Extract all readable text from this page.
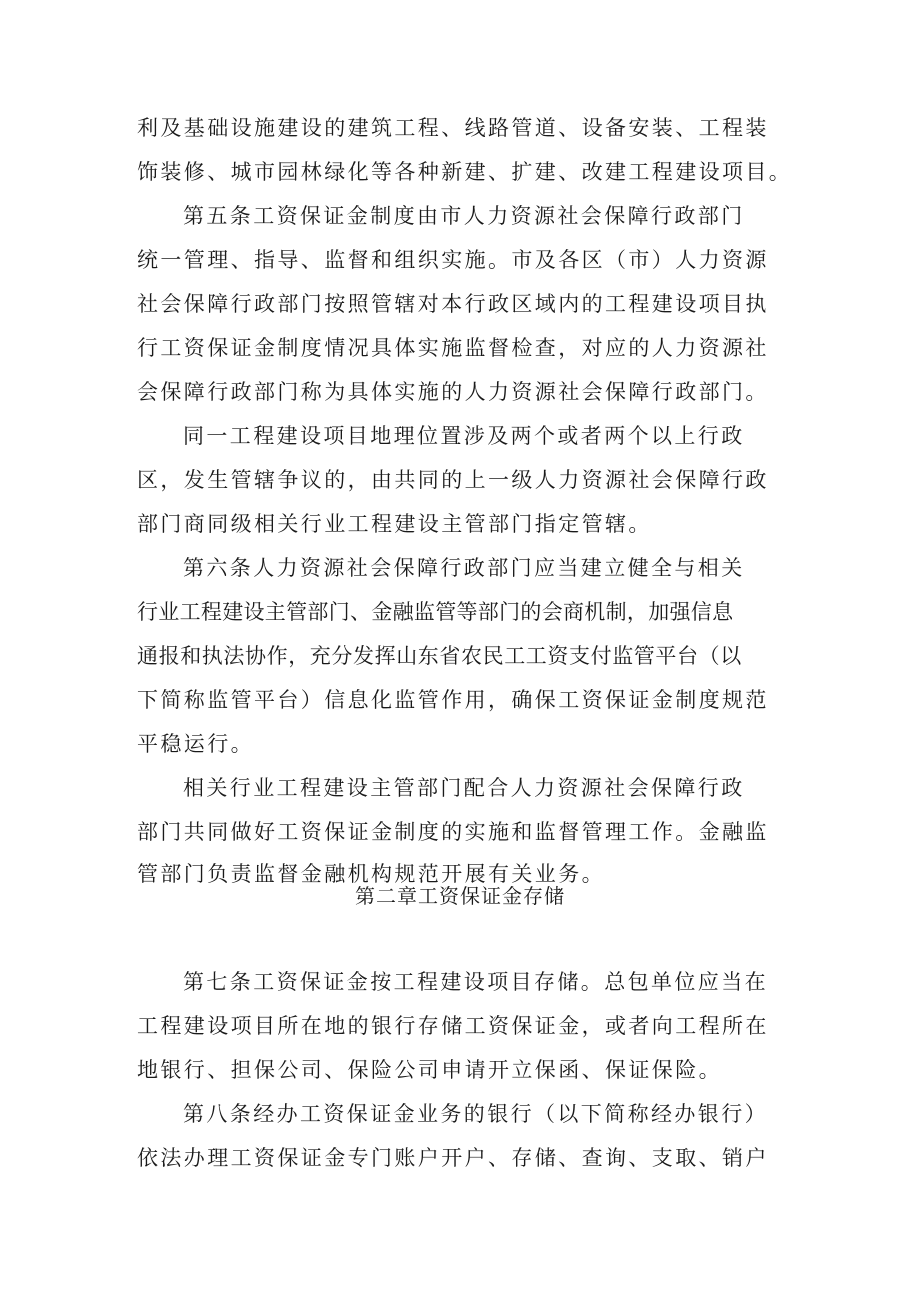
利及基础设施建设的建筑工程、线路管道、设备安装、工程装
饰装修、城市园林绿化等各种新建、扩建、改建工程建设项目。
第五条工资保证金制度由市人力资源社会保障行政部门
统一管理、指导、监督和组织实施。市及各区（市）人力资源
社会保障行政部门按照管辖对本行政区域内的工程建设项目执
行工资保证金制度情况具体实施监督检查，对应的人力资源社
会保障行政部门称为具体实施的人力资源社会保障行政部门。
同一工程建设项目地理位置涉及两个或者两个以上行政
区，发生管辖争议的，由共同的上一级人力资源社会保障行政
部门商同级相关行业工程建设主管部门指定管辖。
第六条人力资源社会保障行政部门应当建立健全与相关
行业工程建设主管部门、金融监管等部门的会商机制，加强信息
通报和执法协作，充分发挥山东省农民工工资支付监管平台（以
下简称监管平台）信息化监管作用，确保工资保证金制度规范
平稳运行。
相关行业工程建设主管部门配合人力资源社会保障行政
部门共同做好工资保证金制度的实施和监督管理工作。金融监
管部门负责监督金融机构规范开展有关业务。
第二章工资保证金存储
第七条工资保证金按工程建设项目存储。总包单位应当在
工程建设项目所在地的银行存储工资保证金，或者向工程所在
地银行、担保公司、保险公司申请开立保函、保证保险。
第八条经办工资保证金业务的银行（以下简称经办银行）
依法办理工资保证金专门账户开户、存储、查询、支取、销户
